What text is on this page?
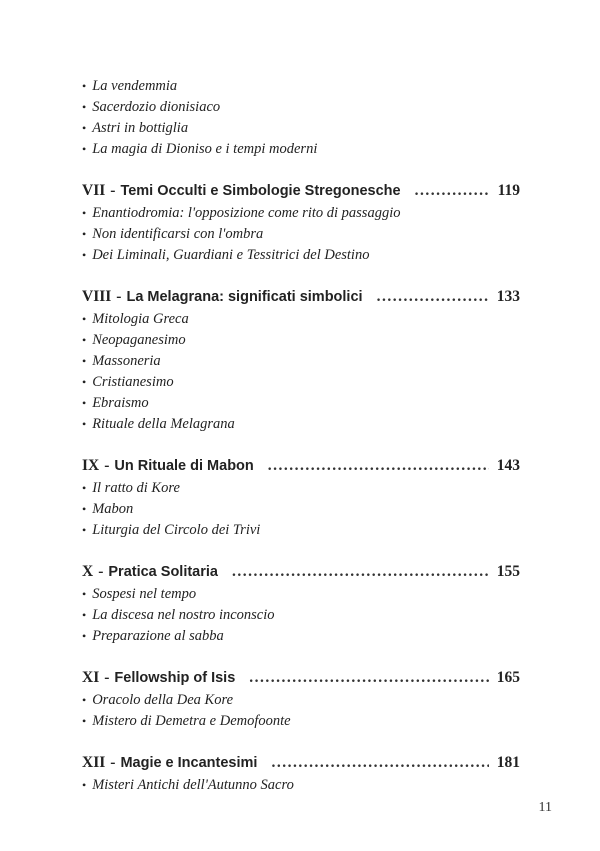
• La vendemmia
• Sacerdozio dionisiaco
• Astri in bottiglia
• La magia di Dioniso e i tempi moderni
VII - Temi Occulti e Simbologie Stregonesche .....	119
• Enantiodromia: l'opposizione come rito di passaggio
• Non identificarsi con l'ombra
• Dei Liminali, Guardiani e Tessitrici del Destino
VIII - La Melagrana: significati simbolici .....	133
• Mitologia Greca
• Neopaganesimo
• Massoneria
• Cristianesimo
• Ebraismo
• Rituale della Melagrana
IX - Un Rituale di Mabon .....	143
• Il ratto di Kore
• Mabon
• Liturgia del Circolo dei Trivi
X - Pratica Solitaria .....	155
• Sospesi nel tempo
• La discesa nel nostro inconscio
• Preparazione al sabba
XI - Fellowship of Isis .....	165
• Oracolo della Dea Kore
• Mistero di Demetra e Demofoonte
XII - Magie e Incantesimi .....	181
• Misteri Antichi dell'Autunno Sacro
11
